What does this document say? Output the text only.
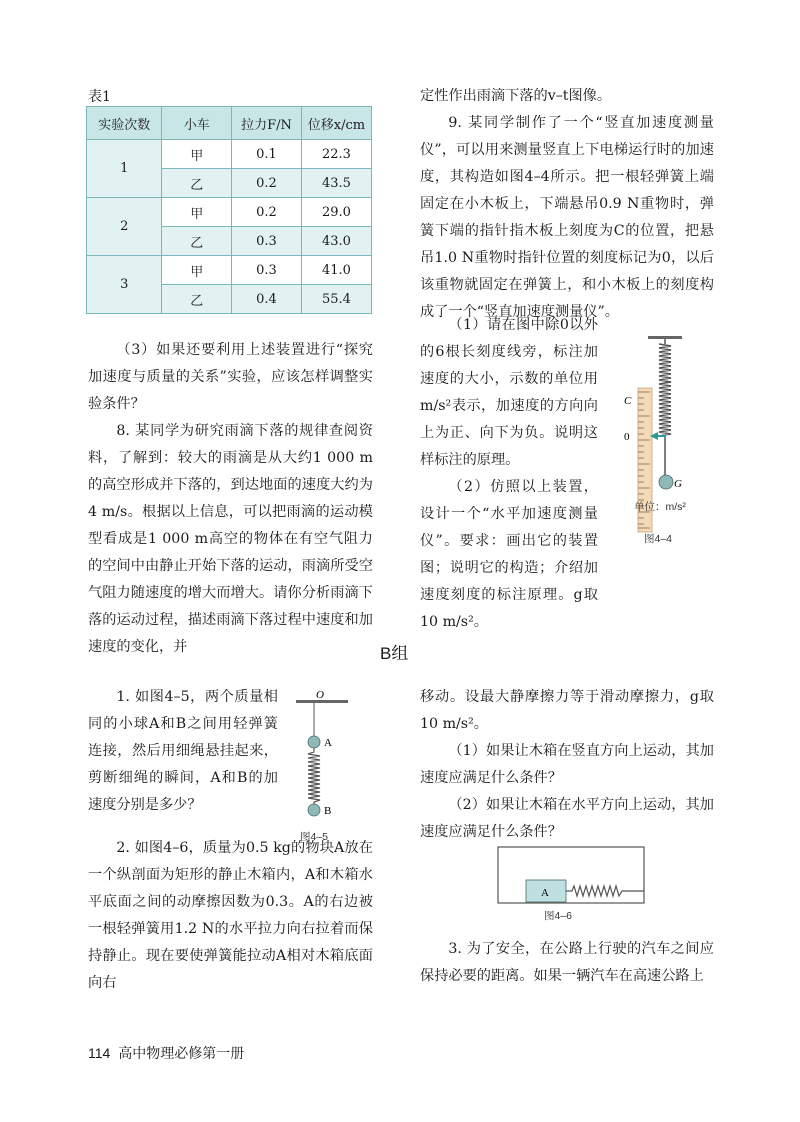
表1
实验次数	小车	拉力F/N	位移x/cm
1	甲	0.1	22.3
	乙	0.2	43.5
2	甲	0.2	29.0
	乙	0.3	43.0
3	甲	0.3	41.0
	乙	0.4	55.4
（3）如果还要利用上述装置进行“探究加速度与质量的关系”实验，应该怎样调整实验条件？
8. 某同学为研究雨滴下落的规律查阅资料，了解到：较大的雨滴是从大约1 000 m的高空形成并下落的，到达地面的速度大约为4 m/s。根据以上信息，可以把雨滴的运动模型看成是1 000 m高空的物体在有空气阻力的空间中由静止开始下落的运动，雨滴所受空气阻力随速度的增大而增大。请你分析雨滴下落的运动过程，描述雨滴下落过程中速度和加速度的变化，并
定性作出雨滴下落的v–t图像。
9. 某同学制作了一个“竖直加速度测量仪”，可以用来测量竖直上下电梯运行时的加速度，其构造如图4–4所示。把一根轻弹簧上端固定在小木板上，下端悬吊0.9 N重物时，弹簧下端的指针指木板上刻度为C的位置，把悬吊1.0 N重物时指针位置的刻度标记为0，以后该重物就固定在弹簧上，和小木板上的刻度构成了一个“竖直加速度测量仪”。
（1）请在图中除0以外的6根长刻度线旁，标注加速度的大小，示数的单位用m/s²表示，加速度的方向向上为正、向下为负。说明这样标注的原理。
（2）仿照以上装置，设计一个“水平加速度测量仪”。要求：画出它的装置图；说明它的构造；介绍加速度刻度的标注原理。g取10 m/s²。
C
0
G
单位：m/s²
图4–4
B组
1. 如图4–5，两个质量相同的小球A和B之间用轻弹簧连接，然后用细绳悬挂起来，剪断细绳的瞬间，A和B的加速度分别是多少？
O
A
B
图4–5
2. 如图4–6，质量为0.5 kg的物块A放在一个纵剖面为矩形的静止木箱内，A和木箱水平底面之间的动摩擦因数为0.3。A的右边被一根轻弹簧用1.2 N的水平拉力向右拉着而保持静止。现在要使弹簧能拉动A相对木箱底面向右
移动。设最大静摩擦力等于滑动摩擦力，g取10 m/s²。
（1）如果让木箱在竖直方向上运动，其加速度应满足什么条件？
（2）如果让木箱在水平方向上运动，其加速度应满足什么条件？
A
图4–6
3. 为了安全，在公路上行驶的汽车之间应保持必要的距离。如果一辆汽车在高速公路上
114 高中物理必修第一册
